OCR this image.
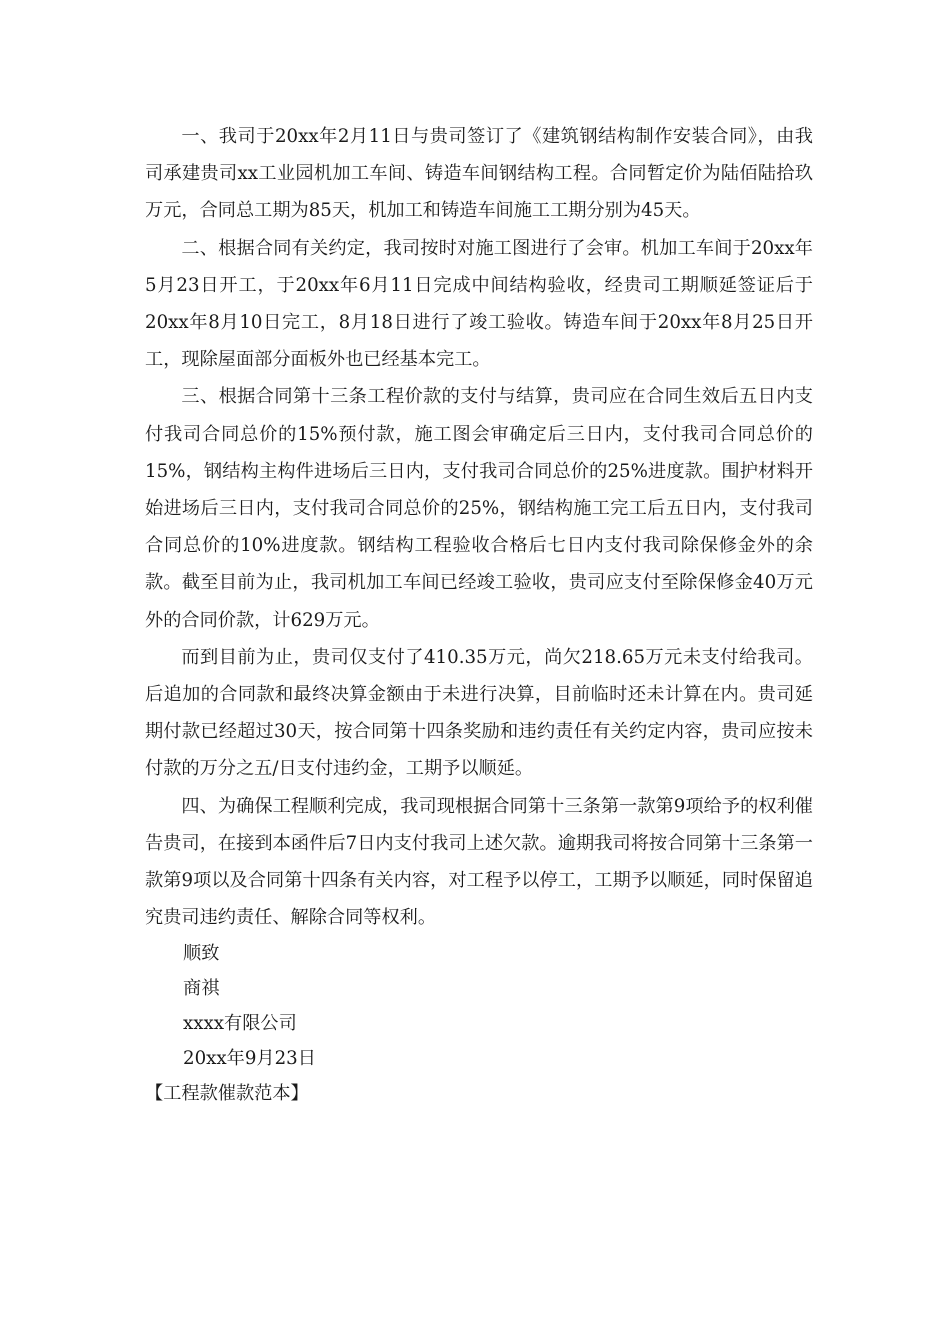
一、我司于20xx年2月11日与贵司签订了《建筑钢结构制作安装合同》，由我司承建贵司xx工业园机加工车间、铸造车间钢结构工程。合同暂定价为陆佰陆拾玖万元，合同总工期为85天，机加工和铸造车间施工工期分别为45天。

二、根据合同有关约定，我司按时对施工图进行了会审。机加工车间于20xx年5月23日开工，于20xx年6月11日完成中间结构验收，经贵司工期顺延签证后于20xx年8月10日完工，8月18日进行了竣工验收。铸造车间于20xx年8月25日开工，现除屋面部分面板外也已经基本完工。

三、根据合同第十三条工程价款的支付与结算，贵司应在合同生效后五日内支付我司合同总价的15%预付款，施工图会审确定后三日内，支付我司合同总价的15%，钢结构主构件进场后三日内，支付我司合同总价的25%进度款。围护材料开始进场后三日内，支付我司合同总价的25%，钢结构施工完工后五日内，支付我司合同总价的10%进度款。钢结构工程验收合格后七日内支付我司除保修金外的余款。截至目前为止，我司机加工车间已经竣工验收，贵司应支付至除保修金40万元外的合同价款，计629万元。

而到目前为止，贵司仅支付了410.35万元，尚欠218.65万元未支付给我司。后追加的合同款和最终决算金额由于未进行决算，目前临时还未计算在内。贵司延期付款已经超过30天，按合同第十四条奖励和违约责任有关约定内容，贵司应按未付款的万分之五/日支付违约金，工期予以顺延。

四、为确保工程顺利完成，我司现根据合同第十三条第一款第9项给予的权利催告贵司，在接到本函件后7日内支付我司上述欠款。逾期我司将按合同第十三条第一款第9项以及合同第十四条有关内容，对工程予以停工，工期予以顺延，同时保留追究贵司违约责任、解除合同等权利。

顺致

商祺

xxxx有限公司

20xx年9月23日

【工程款催款范本】
